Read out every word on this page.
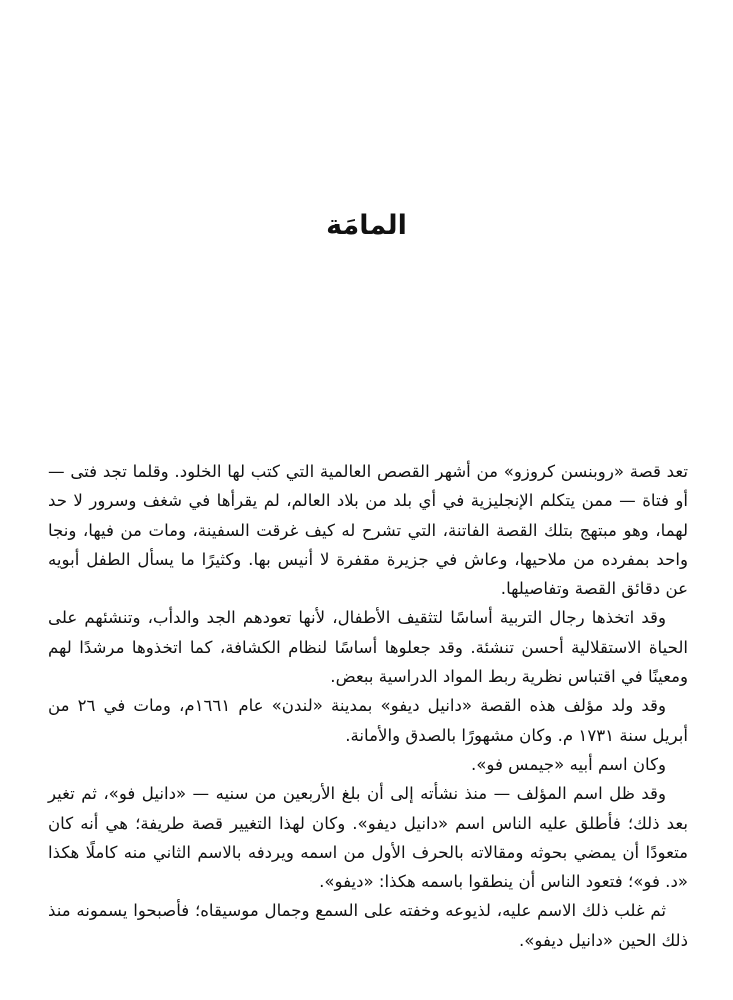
المامَة

تعد قصة «روبنسن كروزو» من أشهر القصص العالمية التي كتب لها الخلود. وقلما تجد فتى — أو فتاة — ممن يتكلم الإنجليزية في أي بلد من بلاد العالم، لم يقرأها في شغف وسرور لا حد لهما، وهو مبتهج بتلك القصة الفاتنة، التي تشرح له كيف غرقت السفينة، ومات من فيها، ونجا واحد بمفرده من ملاحيها، وعاش في جزيرة مقفرة لا أنيس بها. وكثيرًا ما يسأل الطفل أبويه عن دقائق القصة وتفاصيلها.

وقد اتخذها رجال التربية أساسًا لتثقيف الأطفال، لأنها تعودهم الجد والدأب، وتنشئهم على الحياة الاستقلالية أحسن تنشئة. وقد جعلوها أساسًا لنظام الكشافة، كما اتخذوها مرشدًا لهم ومعينًا في اقتباس نظرية ربط المواد الدراسية ببعض.

وقد ولد مؤلف هذه القصة «دانيل ديفو» بمدينة «لندن» عام ١٦٦١م، ومات في ٢٦ من أبريل سنة ١٧٣١ م. وكان مشهورًا بالصدق والأمانة.

وكان اسم أبيه «جيمس فو».

وقد ظل اسم المؤلف — منذ نشأته إلى أن بلغ الأربعين من سنيه — «دانيل فو»، ثم تغير بعد ذلك؛ فأطلق عليه الناس اسم «دانيل ديفو». وكان لهذا التغيير قصة طريفة؛ هي أنه كان متعودًا أن يمضي بحوثه ومقالاته بالحرف الأول من اسمه ويردفه بالاسم الثاني منه كاملًا هكذا «د. فو»؛ فتعود الناس أن ينطقوا باسمه هكذا: «ديفو».

ثم غلب ذلك الاسم عليه، لذيوعه وخفته على السمع وجمال موسيقاه؛ فأصبحوا يسمونه منذ ذلك الحين «دانيل ديفو».
